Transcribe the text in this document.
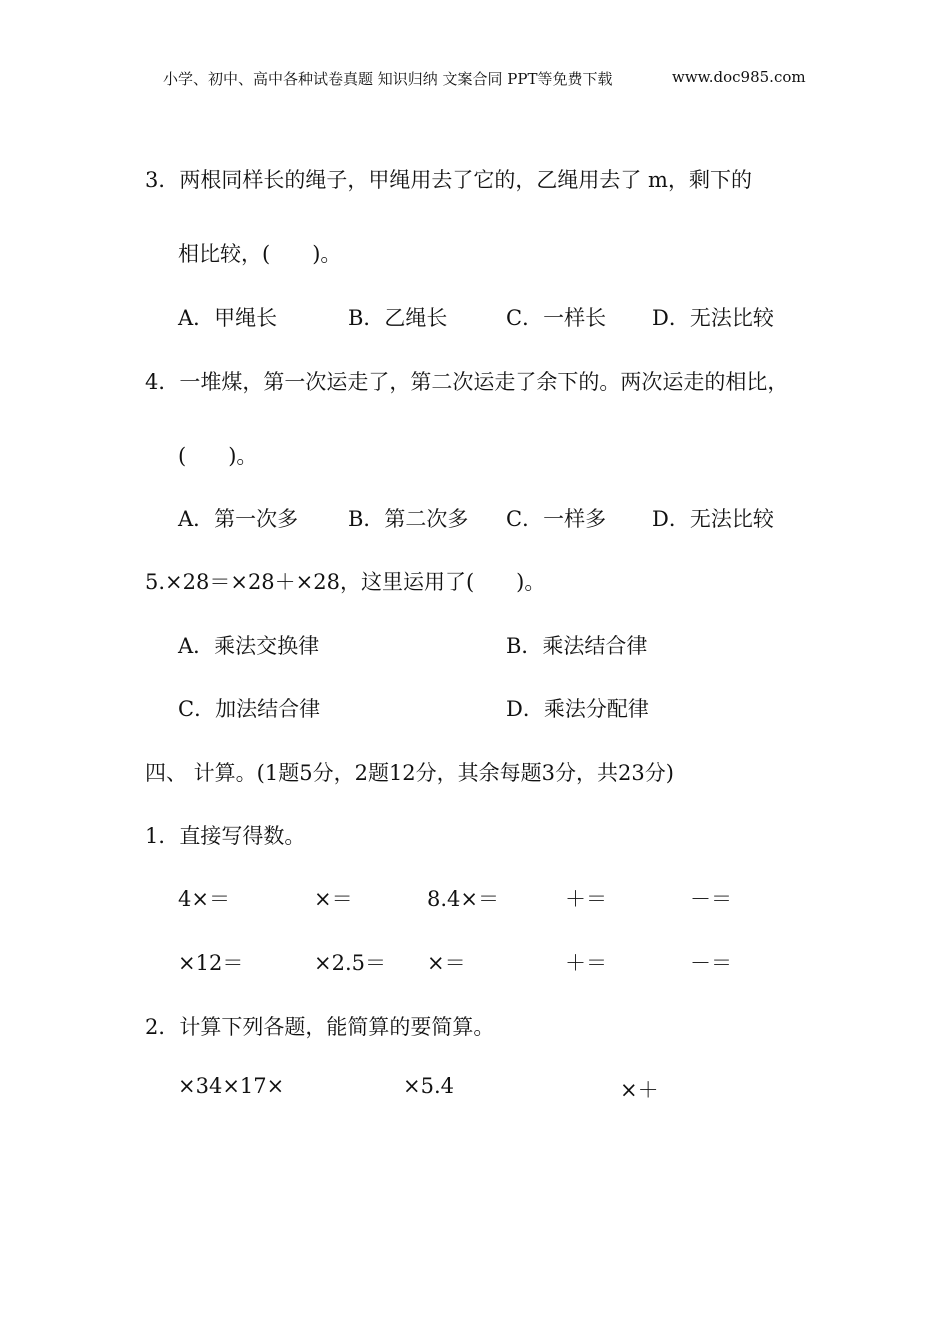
小学、初中、高中各种试卷真题 知识归纳 文案合同 PPT等免费下载	www.doc985.com
3．两根同样长的绳子，甲绳用去了它的，乙绳用去了 m，剩下的
相比较，(　　)。
A．甲绳长	B．乙绳长	C．一样长 D．无法比较
4．一堆煤，第一次运走了，第二次运走了余下的。两次运走的相比，
(　　)。
A．第一次多 B．第二次多 C．一样多 D．无法比较
5.×28＝×28＋×28，这里运用了(　　)。
A．乘法交换律	B．乘法结合律
C．加法结合律	D．乘法分配律
四、 计算。(1题5分，2题12分，其余每题3分，共23分)
1．直接写得数。
4×＝	×＝	8.4×＝	＋＝	－＝
×12＝	×2.5＝ ×＝	＋＝	－＝
2．计算下列各题，能简算的要简算。
×34×17×	×5.4	×＋
